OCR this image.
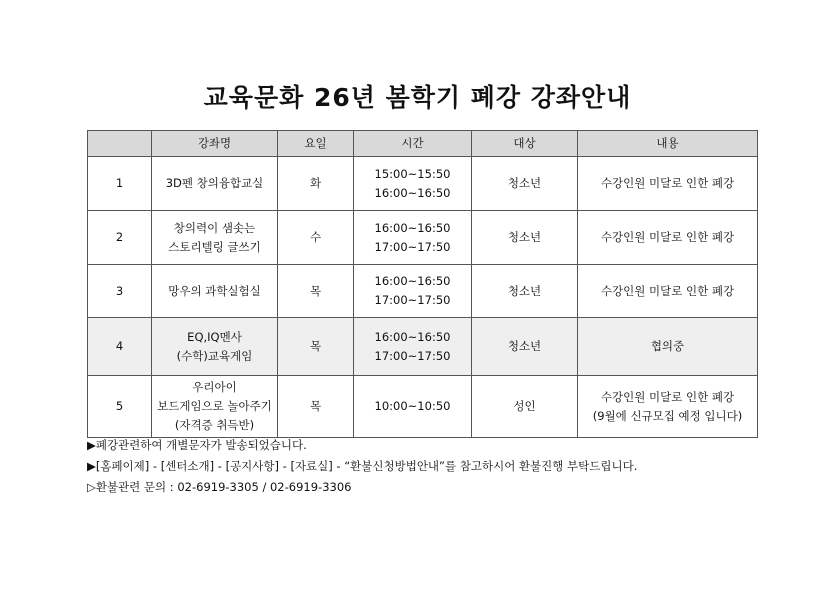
교육문화 26년 봄학기 폐강 강좌안내
	강좌명	요일	시간	대상	내용
1	3D펜 창의융합교실	화	15:00~15:50
16:00~16:50	청소년	수강인원 미달로 인한 폐강

2	창의력이 샘솟는
스토리텔링 글쓰기	수	16:00~16:50
17:00~17:50	청소년	수강인원 미달로 인한 폐강

3	망우의 과학실험실	목	16:00~16:50
17:00~17:50	청소년	수강인원 미달로 인한 폐강

4	EQ,IQ멘사
(수학)교육게임	목	16:00~16:50
17:00~17:50	청소년	협의중

5	우리아이
보드게임으로 놀아주기
(자격증 취득반)	목	10:00~10:50	성인	수강인원 미달로 인한 폐강
(9월에 신규모집 예정 입니다)
▶폐강관련하여 개별문자가 발송되었습니다.
▶[홈페이제] - [센터소개] - [공지사항] - [자료실] - “환불신청방법안내”를 참고하시어 환불진행 부탁드립니다.
▷환불관련 문의 : 02-6919-3305 / 02-6919-3306
